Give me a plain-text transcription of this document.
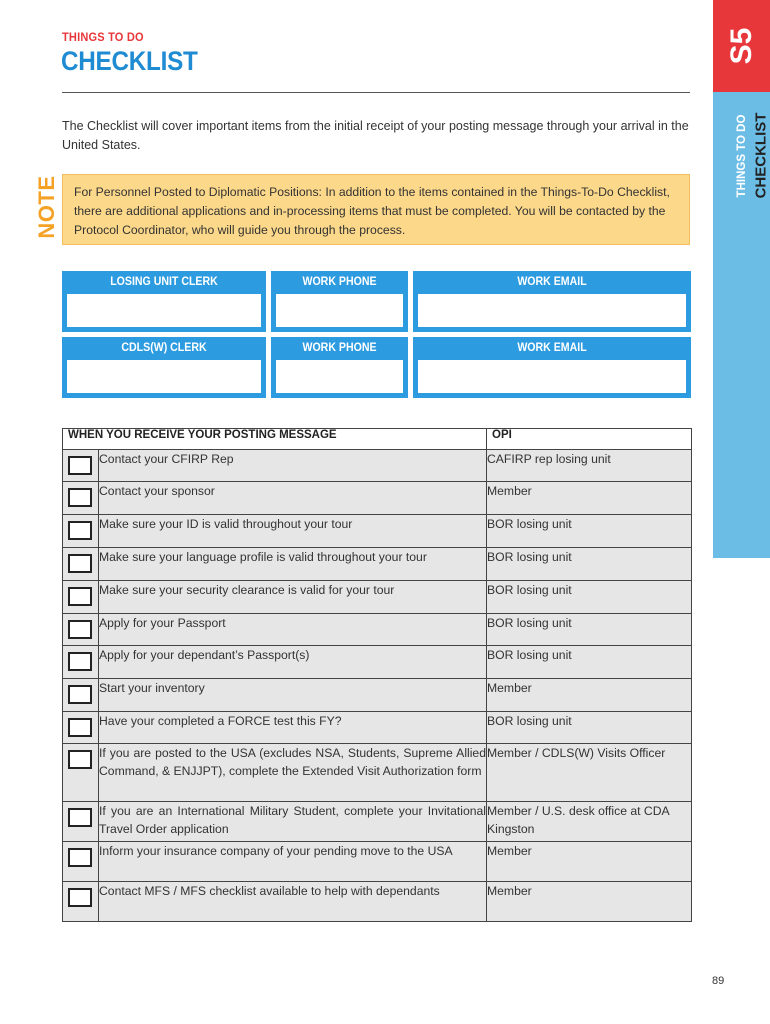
THINGS TO DO
CHECKLIST	S5
THINGS TO DO CHECKLIST
The Checklist will cover important items from the initial receipt of your posting message through your arrival in the United States.
NOTE For Personnel Posted to Diplomatic Positions: In addition to the items contained in the Things-To-Do Checklist, there are additional applications and in-processing items that must be completed. You will be contacted by the Protocol Coordinator, who will guide you through the process.
LOSING UNIT CLERK	WORK PHONE	WORK EMAIL
CDLS(W) CLERK	WORK PHONE	WORK EMAIL
WHEN YOU RECEIVE YOUR POSTING MESSAGE		OPI

	Contact your CFIRP Rep	CAFIRP rep losing unit

	Contact your sponsor	Member

	Make sure your ID is valid throughout your tour	BOR losing unit

	Make sure your language profile is valid throughout your tour	BOR losing unit

	Make sure your security clearance is valid for your tour	BOR losing unit

	Apply for your Passport	BOR losing unit

	Apply for your dependant’s Passport(s)	BOR losing unit

	Start your inventory	Member

	Have your completed a FORCE test this FY?	BOR losing unit

	If you are posted to the USA (excludes NSA, Students, Supreme Allied Command, & ENJJPT), complete the Extended Visit Authorization form	Member / CDLS(W) Visits Officer

	If you are an International Military Student, complete your Invitational Travel Order application	Member / U.S. desk office at CDA Kingston

	Inform your insurance company of your pending move to the USA	Member

	Contact MFS / MFS checklist available to help with dependants	Member
89
